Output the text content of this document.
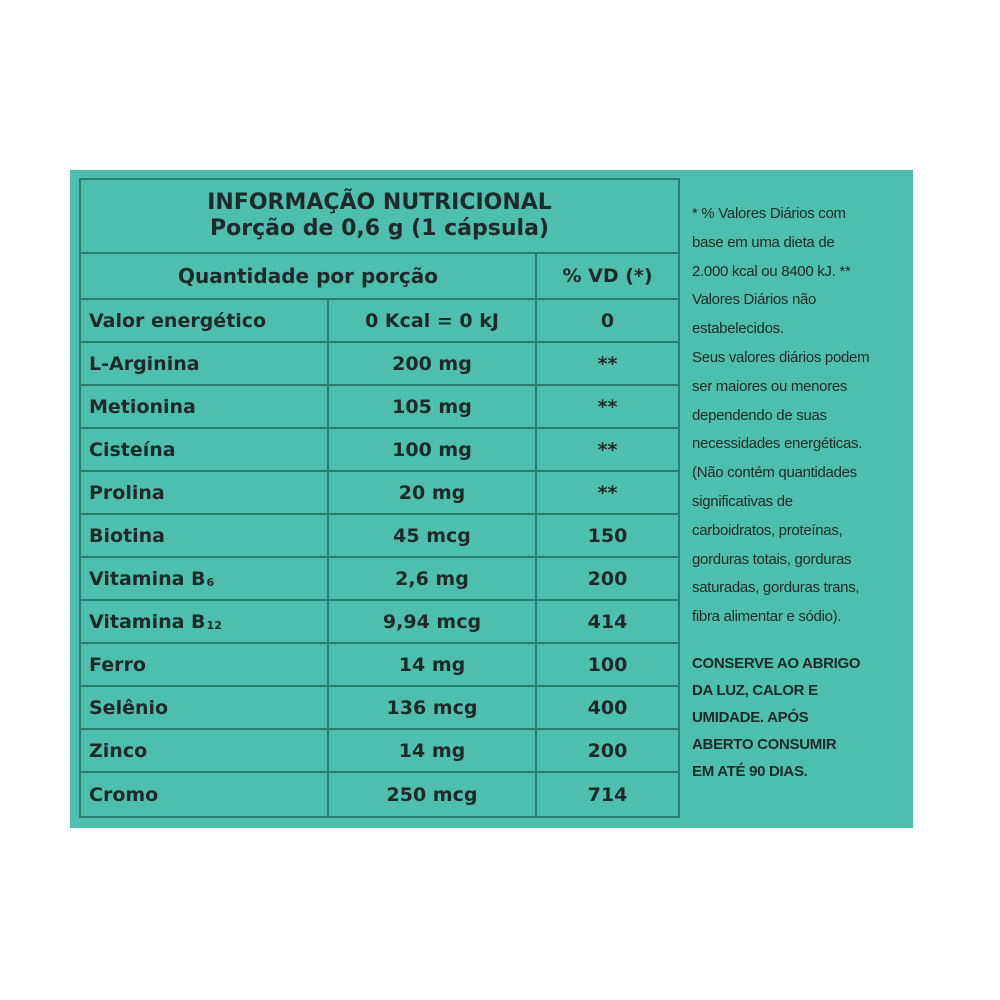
INFORMAÇÃO NUTRICIONAL
Porção de 0,6 g (1 cápsula)
Quantidade por porção	% VD (*)
Valor energético	0 Kcal = 0 kJ	0
L-Arginina	200 mg	**
Metionina	105 mg	**
Cisteína	100 mg	**
Prolina	20 mg	**
Biotina	45 mcg	150
Vitamina B 6	2,6 mg	200
Vitamina B 12	9,94 mcg	414
Ferro	14 mg	100
Selênio	136 mcg	400
Zinco	14 mg	200
Cromo	250 mcg	714
* % Valores Diários com
base em uma dieta de
2.000 kcal ou 8400 kJ. **
Valores Diários não
estabelecidos.
Seus valores diários podem
ser maiores ou menores
dependendo de suas
necessidades energéticas.
(Não contém quantidades
significativas de
carboidratos, proteínas,
gorduras totais, gorduras
saturadas, gorduras trans,
fibra alimentar e sódio).
CONSERVE AO ABRIGO
DA LUZ, CALOR E
UMIDADE. APÓS
ABERTO CONSUMIR
EM ATÉ 90 DIAS.
